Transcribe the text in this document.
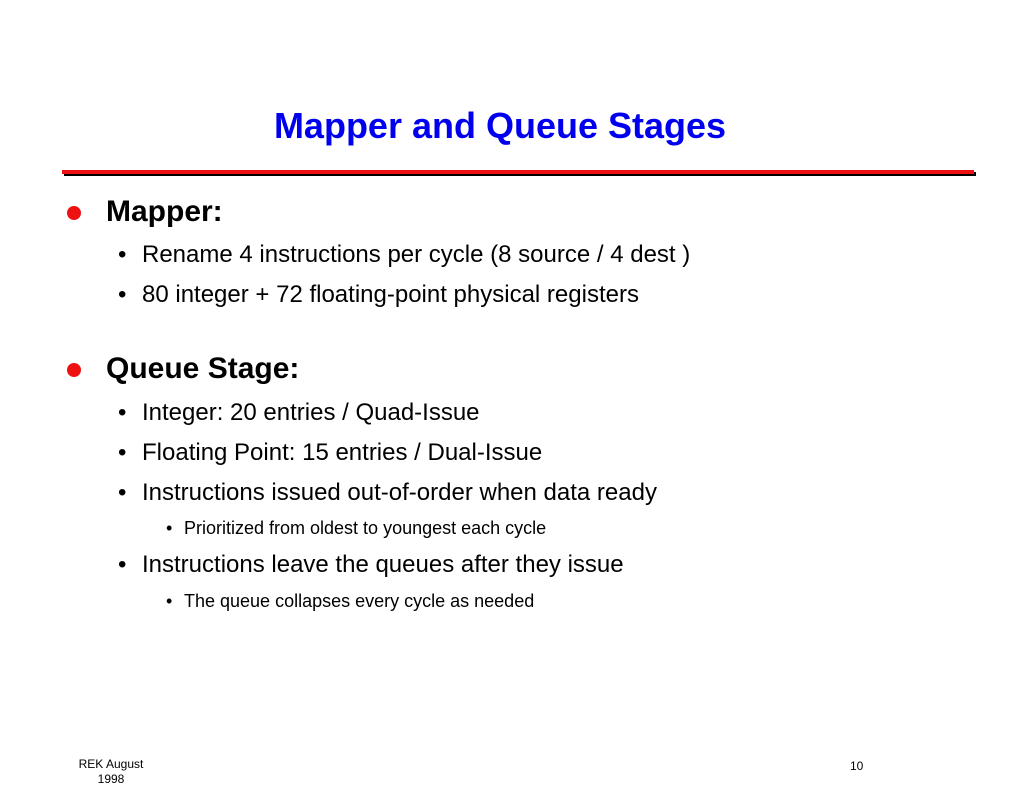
Mapper and Queue Stages
Mapper:
• Rename 4 instructions per cycle (8 source / 4 dest )
• 80 integer + 72 floating-point physical registers
Queue Stage:
• Integer: 20 entries / Quad-Issue
• Floating Point: 15 entries / Dual-Issue
• Instructions issued out-of-order when data ready
• Prioritized from oldest to youngest each cycle
• Instructions leave the queues after they issue
• The queue collapses every cycle as needed
REK August
1998
10
